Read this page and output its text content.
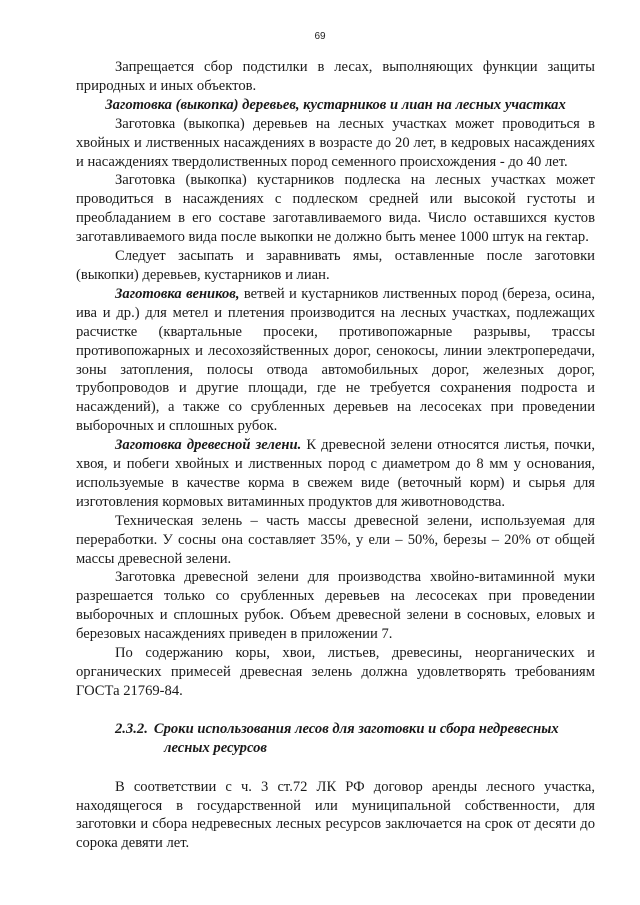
69

Запрещается сбор подстилки в лесах, выполняющих функции защиты природных и иных объектов.

Заготовка (выкопка) деревьев, кустарников и лиан на лесных участках

Заготовка (выкопка) деревьев на лесных участках может проводиться в хвойных и лиственных насаждениях в возрасте до 20 лет, в кедровых насаждениях и насаждениях твердолиственных пород семенного происхождения - до 40 лет.

Заготовка (выкопка) кустарников подлеска на лесных участках может проводиться в насаждениях с подлеском средней или высокой густоты и преобладанием в его составе заготавливаемого вида. Число оставшихся кустов заготавливаемого вида после выкопки не должно быть менее 1000 штук на гектар.

Следует засыпать и заравнивать ямы, оставленные после заготовки (выкопки) деревьев, кустарников и лиан.

Заготовка веников, ветвей и кустарников лиственных пород (береза, осина, ива и др.) для метел и плетения производится на лесных участках, подлежащих расчистке (квартальные просеки, противопожарные разрывы, трассы противопожарных и лесохозяйственных дорог, сенокосы, линии электропередачи, зоны затопления, полосы отвода автомобильных дорог, железных дорог, трубопроводов и другие площади, где не требуется сохранения подроста и насаждений), а также со срубленных деревьев на лесосеках при проведении выборочных и сплошных рубок.

Заготовка древесной зелени. К древесной зелени относятся листья, почки, хвоя, и побеги хвойных и лиственных пород с диаметром до 8 мм у основания, используемые в качестве корма в свежем виде (веточный корм) и сырья для изготовления кормовых витаминных продуктов для животноводства.

Техническая зелень – часть массы древесной зелени, используемая для переработки. У сосны она составляет 35%, у ели – 50%, березы – 20% от общей массы древесной зелени.

Заготовка древесной зелени для производства хвойно-витаминной муки разрешается только со срубленных деревьев на лесосеках при проведении выборочных и сплошных рубок. Объем древесной зелени в сосновых, еловых и березовых насаждениях приведен в приложении 7.

По содержанию коры, хвои, листьев, древесины, неорганических и органических примесей древесная зелень должна удовлетворять требованиям ГОСТа 21769-84.

2.3.2. Сроки использования лесов для заготовки и сбора недревесных
лесных ресурсов

В соответствии с ч. 3 ст.72 ЛК РФ договор аренды лесного участка, находящегося в государственной или муниципальной собственности, для заготовки и сбора недревесных лесных ресурсов заключается на срок от десяти до сорока девяти лет.
